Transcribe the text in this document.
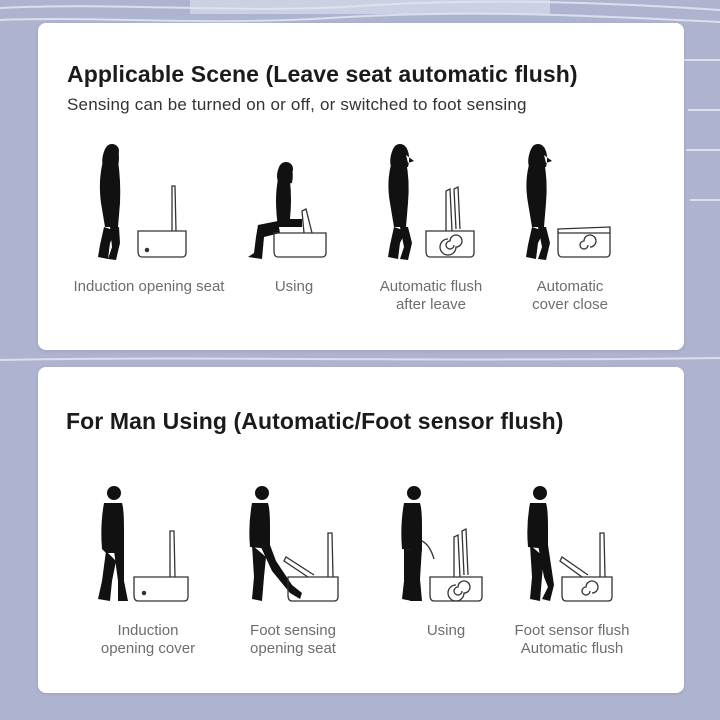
Applicable Scene (Leave seat automatic flush)
Sensing can be turned on or off, or switched to foot sensing
Induction opening seat	Using	Automatic flush
after leave
Automatic
cover close
For Man Using (Automatic/Foot sensor flush)
Induction
opening cover
Foot sensing
opening seat
Using	Foot sensor flush
Automatic flush
